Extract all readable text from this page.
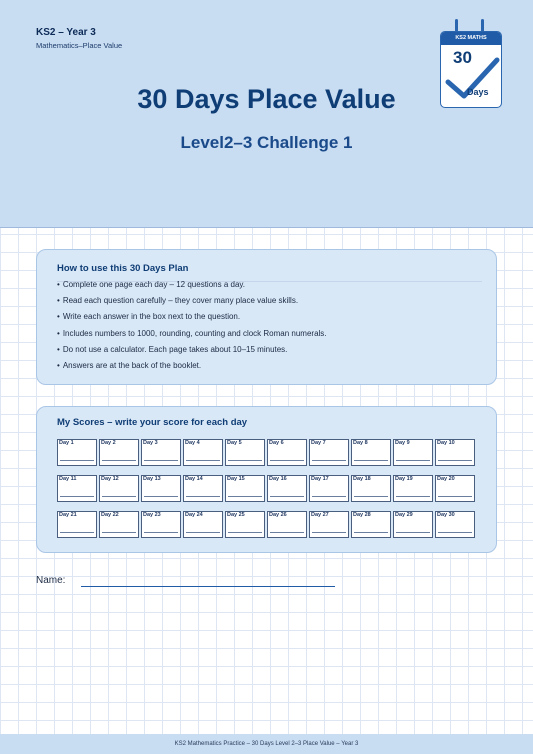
KS2 – Year 3
Mathematics–Place Value
30 Days Place Value
Level2–3 Challenge 1
KS2 MATHS
30
Days
How to use this 30 Days Plan
• Complete one page each day – 12 questions a day.
• Read each question carefully – they cover many place value skills.
• Write each answer in the box next to the question.
• Includes numbers to 1000, rounding, counting and clock Roman numerals.
• Do not use a calculator. Each page takes about 10–15 minutes.
• Answers are at the back of the booklet.
My Scores – write your score for each day
Day 1	Day 2	Day 3	Day 4	Day 5	Day 6	Day 7	Day 8	Day 9	Day 10
Day 11	Day 12	Day 13	Day 14	Day 15	Day 16	Day 17	Day 18	Day 19	Day 20
Day 21	Day 22	Day 23	Day 24	Day 25	Day 26	Day 27	Day 28	Day 29	Day 30
Name:
KS2 Mathematics Practice – 30 Days Level 2–3 Place Value – Year 3
